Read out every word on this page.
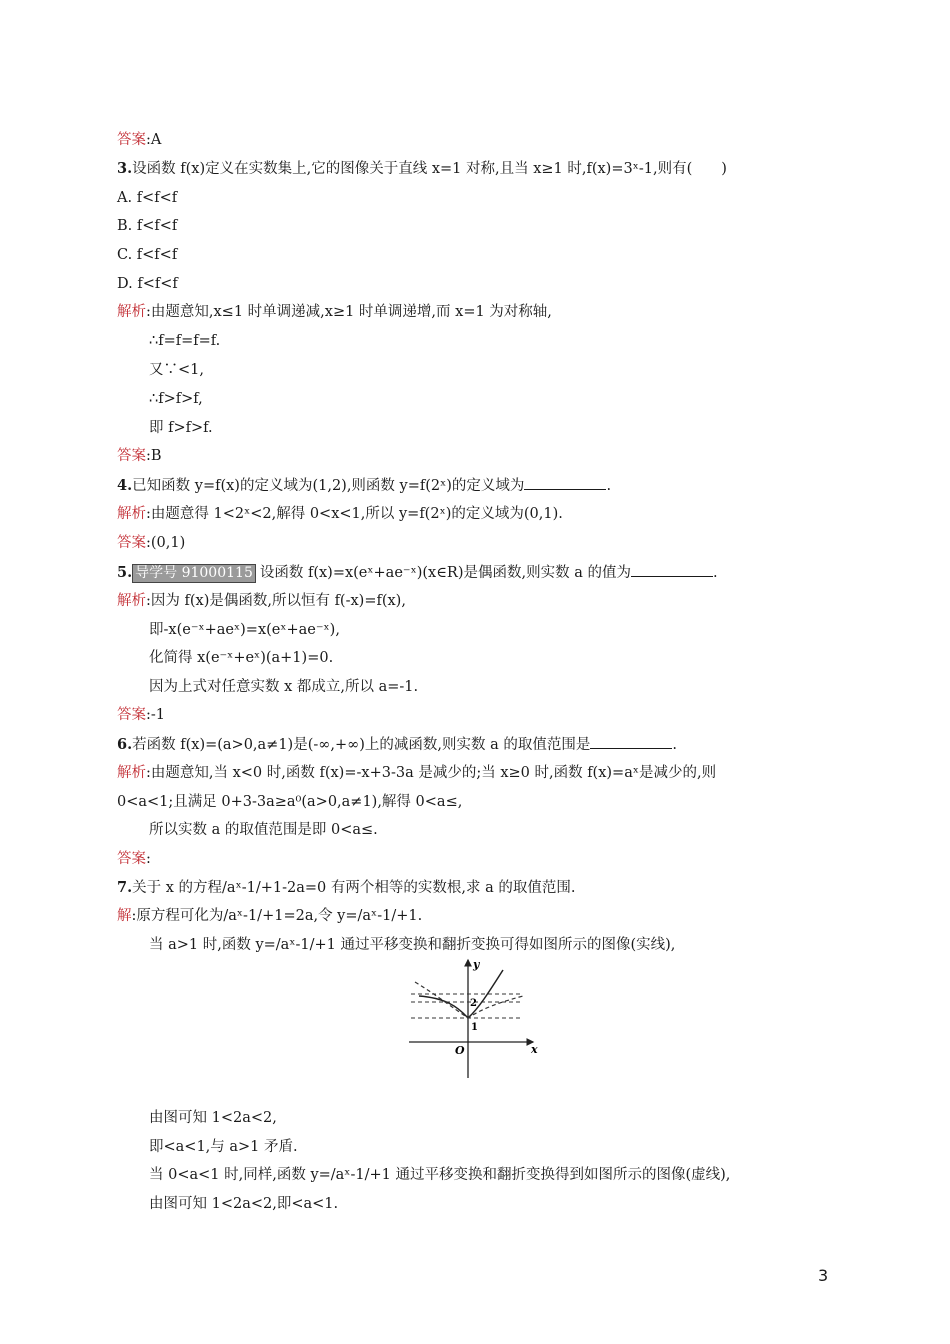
答案:A
3.设函数 f(x)定义在实数集上,它的图像关于直线 x=1 对称,且当 x≥1 时,f(x)=3ˣ-1,则有(　　)
A. f<f<f
B. f<f<f
C. f<f<f
D. f<f<f
解析:由题意知,x≤1 时单调递减,x≥1 时单调递增,而 x=1 为对称轴,
∴f=f=f=f.
又∵<1,
∴f>f>f,
即 f>f>f.
答案:B
4.已知函数 y=f(x)的定义域为(1,2),则函数 y=f(2ˣ)的定义域为	.
解析:由题意得 1<2ˣ<2,解得 0<x<1,所以 y=f(2ˣ)的定义域为(0,1).
答案:(0,1)
5. 导学号 91000115 设函数 f(x)=x(eˣ+ae⁻ˣ)(x∈R)是偶函数,则实数 a 的值为	.
解析:因为 f(x)是偶函数,所以恒有 f(-x)=f(x),
即-x(e⁻ˣ+aeˣ)=x(eˣ+ae⁻ˣ),
化简得 x(e⁻ˣ+eˣ)(a+1)=0.
因为上式对任意实数 x 都成立,所以 a=-1.
答案:-1
6.若函数 f(x)=(a>0,a≠1)是(-∞,+∞)上的减函数,则实数 a 的取值范围是	.
解析:由题意知,当 x<0 时,函数 f(x)=-x+3-3a 是减少的;当 x≥0 时,函数 f(x)=aˣ是减少的,则
0<a<1;且满足 0+3-3a≥a⁰(a>0,a≠1),解得 0<a≤,
所以实数 a 的取值范围是即 0<a≤.
答案:
7.关于 x 的方程/aˣ-1/+1-2a=0 有两个相等的实数根,求 a 的取值范围.
解:原方程可化为/aˣ-1/+1=2a,令 y=/aˣ-1/+1.
当 a>1 时,函数 y=/aˣ-1/+1 通过平移变换和翻折变换可得如图所示的图像(实线),
y
x
O
1
2
由图可知 1<2a<2,
即<a<1,与 a>1 矛盾.
当 0<a<1 时,同样,函数 y=/aˣ-1/+1 通过平移变换和翻折变换得到如图所示的图像(虚线),
由图可知 1<2a<2,即<a<1.
3
